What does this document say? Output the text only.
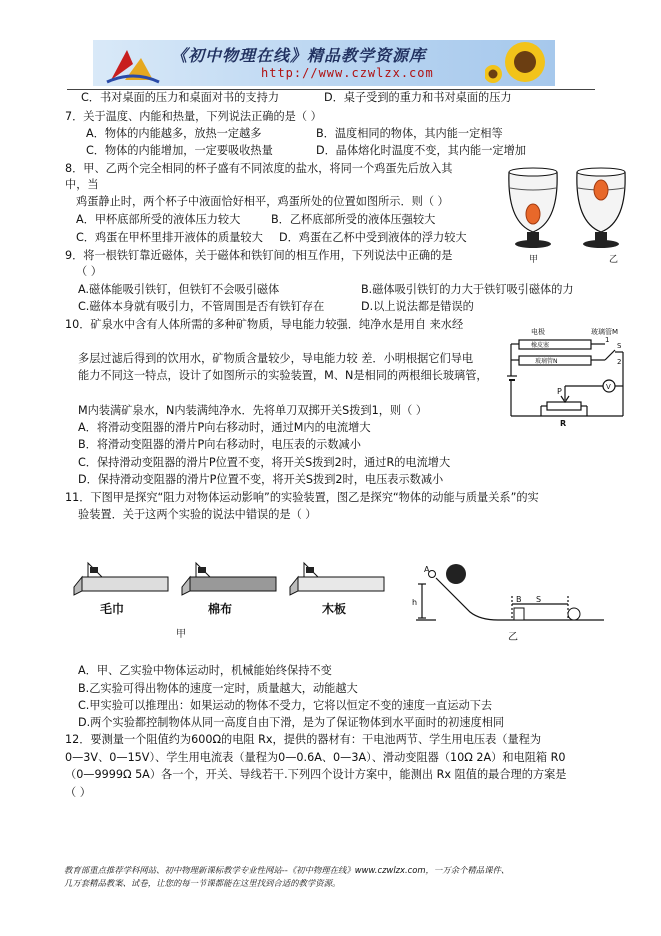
《初中物理在线》精品教学资源库
http://www.czwlzx.com
C．书对桌面的压力和桌面对书的支持力	D．桌子受到的重力和书对桌面的压力
7．关于温度、内能和热量，下列说法正确的是（ ）
A．物体的内能越多，放热一定越多	B．温度相同的物体，其内能一定相等
C．物体的内能增加，一定要吸收热量	D．晶体熔化时温度不变，其内能一定增加
8．甲、乙两个完全相同的杯子盛有不同浓度的盐水，将同一个鸡蛋先后放入其
中，当
鸡蛋静止时，两个杯子中液面恰好相平，鸡蛋所处的位置如图所示．则（ ）
A．甲杯底部所受的液体压力较大	B．乙杯底部所受的液体压强较大
C．鸡蛋在甲杯里排开液体的质量较大 D．鸡蛋在乙杯中受到液体的浮力较大
甲	乙
9．将一根铁钉靠近磁体，关于磁体和铁钉间的相互作用，下列说法中正确的是
（ ）
A.磁体能吸引铁钉，但铁钉不会吸引磁体	B.磁体吸引铁钉的力大于铁钉吸引磁体的力
C.磁体本身就有吸引力，不管周围是否有铁钉存在	D.以上说法都是错误的
10．矿泉水中含有人体所需的多种矿物质，导电能力较强．纯净水是用自 来水经
多层过滤后得到的饮用水，矿物质含量较少，导电能力较 差．小明根据它们导电
能力不同这一特点，设计了如图所示的实验装置，M、N是相同的两根细长玻璃管，
M内装满矿泉水，N内装满纯净水．先将单刀双掷开关S拨到1，则（ ）
A．将滑动变阻器的滑片P向右移动时，通过M内的电流增大
B．将滑动变阻器的滑片P向右移动时，电压表的示数减小
C．保持滑动变阻器的滑片P位置不变，将开关S拨到2时，通过R的电流增大
D．保持滑动变阻器的滑片P位置不变，将开关S拨到2时，电压表示数减小
电极
橡皮塞
玻璃管M
玻璃管N
1
2
S
V
P
R
11．下图甲是探究“阻力对物体运动影响”的实验装置，图乙是探究“物体的动能与质量关系”的实
验装置．关于这两个实验的说法中错误的是（ ）
毛巾	棉布	木板
甲
A
h	B S
乙
A．甲、乙实验中物体运动时，机械能始终保持不变
B.乙实验可得出物体的速度一定时，质量越大，动能越大
C.甲实验可以推理出：如果运动的物体不受力，它将以恒定不变的速度一直运动下去
D.两个实验都控制物体从同一高度自由下滑，是为了保证物体到水平面时的初速度相同
12．要测量一个阻值约为600Ω的电阻 Rx，提供的器材有：干电池两节、学生用电压表（量程为
0—3V、0—15V）、学生用电流表（量程为0—0.6A、0—3A）、滑动变阻器（10Ω 2A）和电阻箱 R0
（0—9999Ω 5A）各一个，开关、导线若干.下列四个设计方案中，能测出 Rx 阻值的最合理的方案是
（ ）
教育部重点推荐学科网站、初中物理新课标教学专业性网站--《初中物理在线》www.czwlzx.com，一万余个精品课件、
几万套精品教案、试卷，让您的每一节课都能在这里找到合适的教学资源。
